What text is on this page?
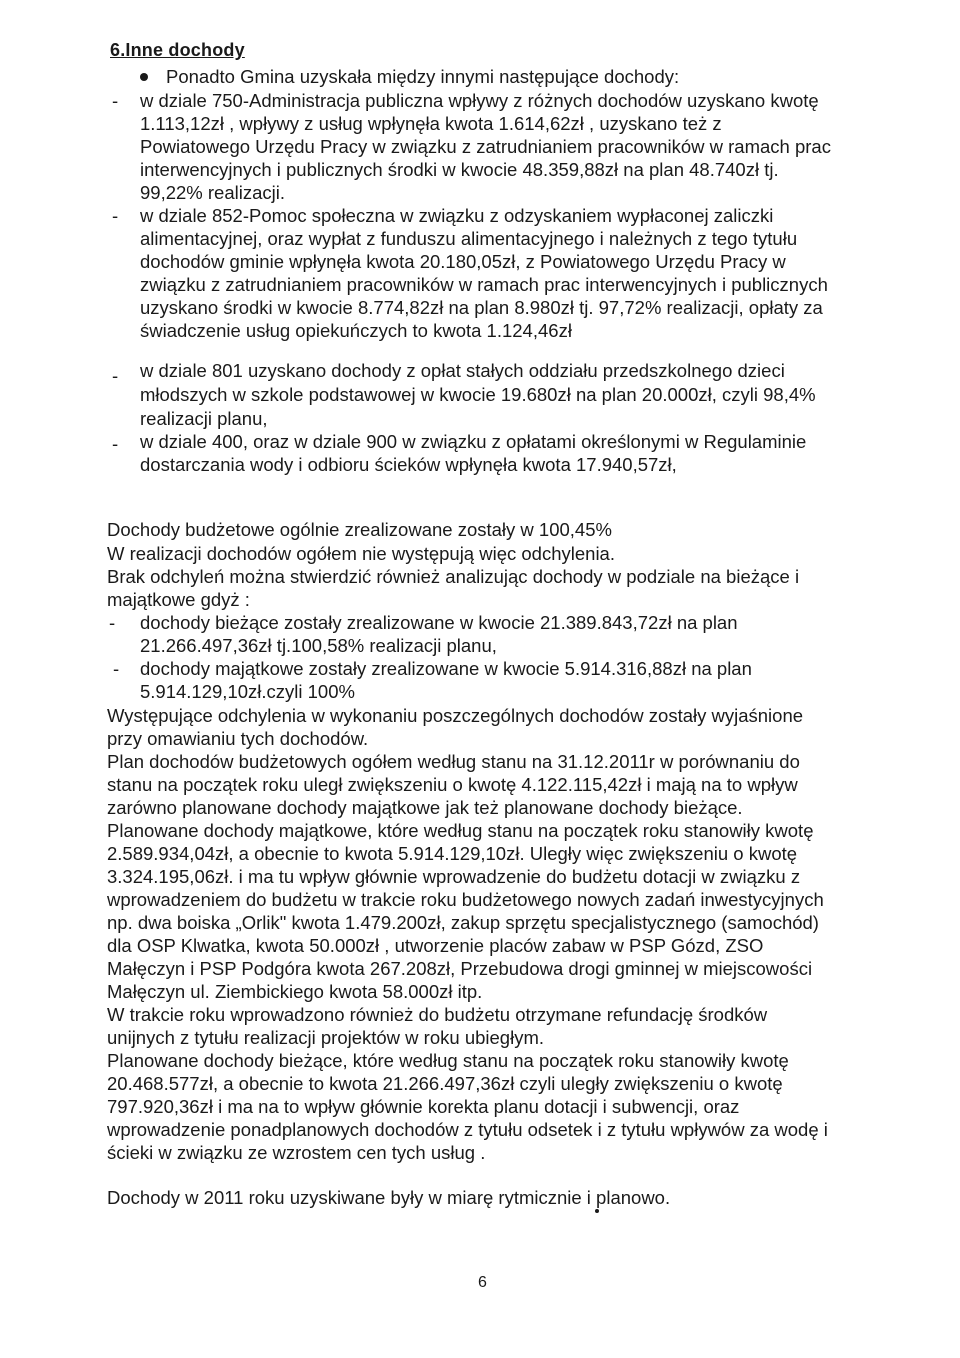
6.Inne dochody
Ponadto Gmina uzyskała między innymi następujące dochody:
- w dziale 750-Administracja publiczna wpływy z różnych dochodów uzyskano kwotę
1.113,12zł , wpływy z usług wpłynęła kwota 1.614,62zł , uzyskano też z
Powiatowego Urzędu Pracy w związku z zatrudnianiem pracowników w ramach prac
interwencyjnych i publicznych środki w kwocie 48.359,88zł na plan 48.740zł tj.
99,22% realizacji.
- w dziale 852-Pomoc społeczna w związku z odzyskaniem wypłaconej zaliczki
alimentacyjnej, oraz wypłat z funduszu alimentacyjnego i należnych z tego tytułu
dochodów gminie wpłynęła kwota 20.180,05zł, z Powiatowego Urzędu Pracy w
związku z zatrudnianiem pracowników w ramach prac interwencyjnych i publicznych
uzyskano środki w kwocie 8.774,82zł na plan 8.980zł tj. 97,72% realizacji, opłaty za
świadczenie usług opiekuńczych to kwota 1.124,46zł
- w dziale 801 uzyskano dochody z opłat stałych oddziału przedszkolnego dzieci
młodszych w szkole podstawowej w kwocie 19.680zł na plan 20.000zł, czyli 98,4%
realizacji planu,
- w dziale 400, oraz w dziale 900 w związku z opłatami określonymi w Regulaminie
dostarczania wody i odbioru ścieków wpłynęła kwota 17.940,57zł,
Dochody budżetowe ogólnie zrealizowane zostały w 100,45%
W realizacji dochodów ogółem nie występują więc odchylenia.
Brak odchyleń można stwierdzić również analizując dochody w podziale na bieżące i
majątkowe gdyż :
- dochody bieżące zostały zrealizowane w kwocie 21.389.843,72zł na plan
21.266.497,36zł tj.100,58% realizacji planu,
- dochody majątkowe zostały zrealizowane w kwocie 5.914.316,88zł na plan
5.914.129,10zł.czyli 100%
Występujące odchylenia w wykonaniu poszczególnych dochodów zostały wyjaśnione
przy omawianiu tych dochodów.
Plan dochodów budżetowych ogółem według stanu na 31.12.2011r w porównaniu do
stanu na początek roku uległ zwiększeniu o kwotę 4.122.115,42zł i mają na to wpływ
zarówno planowane dochody majątkowe jak też planowane dochody bieżące.
Planowane dochody majątkowe, które według stanu na początek roku stanowiły kwotę
2.589.934,04zł, a obecnie to kwota 5.914.129,10zł. Uległy więc zwiększeniu o kwotę
3.324.195,06zł. i ma tu wpływ głównie wprowadzenie do budżetu dotacji w związku z
wprowadzeniem do budżetu w trakcie roku budżetowego nowych zadań inwestycyjnych
np. dwa boiska „Orlik" kwota 1.479.200zł, zakup sprzętu specjalistycznego (samochód)
dla OSP Klwatka, kwota 50.000zł , utworzenie placów zabaw w PSP Gózd, ZSO
Małęczyn i PSP Podgóra kwota 267.208zł, Przebudowa drogi gminnej w miejscowości
Małęczyn ul. Ziembickiego kwota 58.000zł itp.
W trakcie roku wprowadzono również do budżetu otrzymane refundację środków
unijnych z tytułu realizacji projektów w roku ubiegłym.
Planowane dochody bieżące, które według stanu na początek roku stanowiły kwotę
20.468.577zł, a obecnie to kwota 21.266.497,36zł czyli uległy zwiększeniu o kwotę
797.920,36zł i ma na to wpływ głównie korekta planu dotacji i subwencji, oraz
wprowadzenie ponadplanowych dochodów z tytułu odsetek i z tytułu wpływów za wodę i
ścieki w związku ze wzrostem cen tych usług .
Dochody w 2011 roku uzyskiwane były w miarę rytmicznie i planowo.
6
